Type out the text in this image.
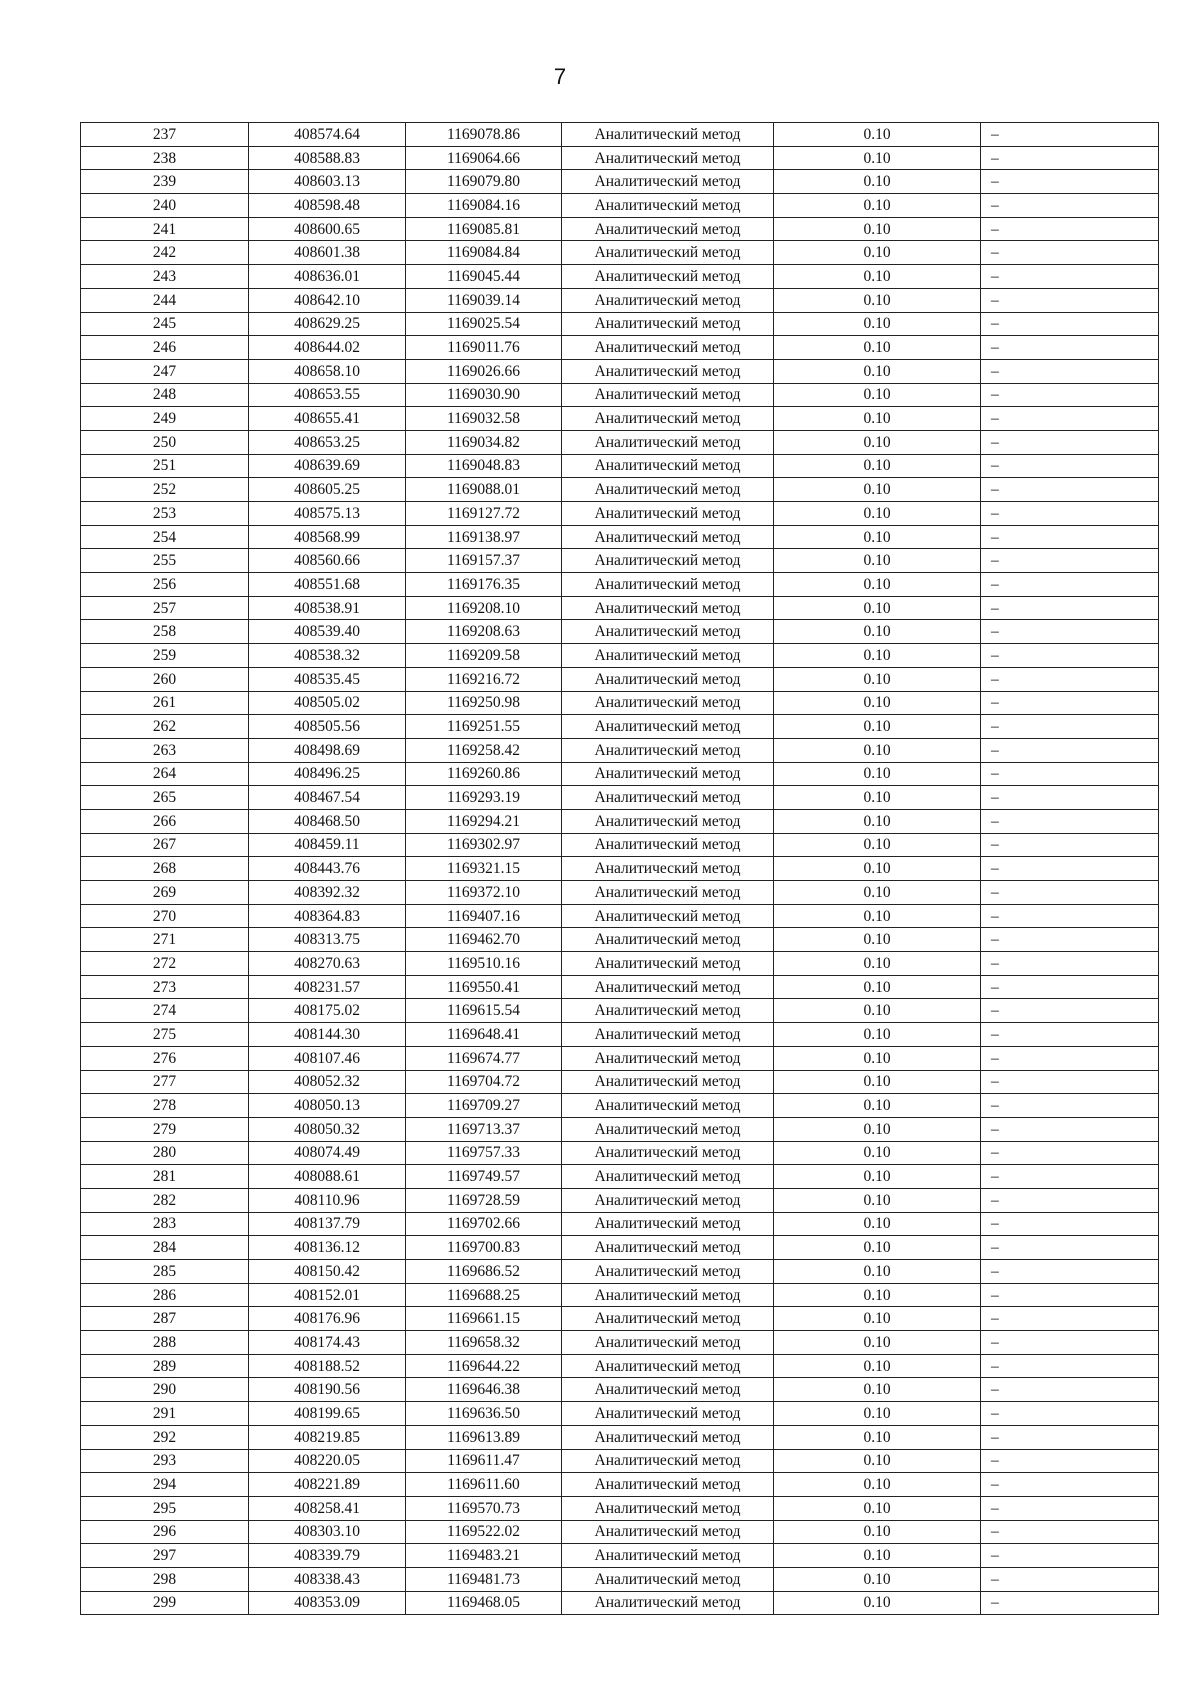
7
237	408574.64	1169078.86	Аналитический метод	0.10	–
238	408588.83	1169064.66	Аналитический метод	0.10	–
239	408603.13	1169079.80	Аналитический метод	0.10	–
240	408598.48	1169084.16	Аналитический метод	0.10	–
241	408600.65	1169085.81	Аналитический метод	0.10	–
242	408601.38	1169084.84	Аналитический метод	0.10	–
243	408636.01	1169045.44	Аналитический метод	0.10	–
244	408642.10	1169039.14	Аналитический метод	0.10	–
245	408629.25	1169025.54	Аналитический метод	0.10	–
246	408644.02	1169011.76	Аналитический метод	0.10	–
247	408658.10	1169026.66	Аналитический метод	0.10	–
248	408653.55	1169030.90	Аналитический метод	0.10	–
249	408655.41	1169032.58	Аналитический метод	0.10	–
250	408653.25	1169034.82	Аналитический метод	0.10	–
251	408639.69	1169048.83	Аналитический метод	0.10	–
252	408605.25	1169088.01	Аналитический метод	0.10	–
253	408575.13	1169127.72	Аналитический метод	0.10	–
254	408568.99	1169138.97	Аналитический метод	0.10	–
255	408560.66	1169157.37	Аналитический метод	0.10	–
256	408551.68	1169176.35	Аналитический метод	0.10	–
257	408538.91	1169208.10	Аналитический метод	0.10	–
258	408539.40	1169208.63	Аналитический метод	0.10	–
259	408538.32	1169209.58	Аналитический метод	0.10	–
260	408535.45	1169216.72	Аналитический метод	0.10	–
261	408505.02	1169250.98	Аналитический метод	0.10	–
262	408505.56	1169251.55	Аналитический метод	0.10	–
263	408498.69	1169258.42	Аналитический метод	0.10	–
264	408496.25	1169260.86	Аналитический метод	0.10	–
265	408467.54	1169293.19	Аналитический метод	0.10	–
266	408468.50	1169294.21	Аналитический метод	0.10	–
267	408459.11	1169302.97	Аналитический метод	0.10	–
268	408443.76	1169321.15	Аналитический метод	0.10	–
269	408392.32	1169372.10	Аналитический метод	0.10	–
270	408364.83	1169407.16	Аналитический метод	0.10	–
271	408313.75	1169462.70	Аналитический метод	0.10	–
272	408270.63	1169510.16	Аналитический метод	0.10	–
273	408231.57	1169550.41	Аналитический метод	0.10	–
274	408175.02	1169615.54	Аналитический метод	0.10	–
275	408144.30	1169648.41	Аналитический метод	0.10	–
276	408107.46	1169674.77	Аналитический метод	0.10	–
277	408052.32	1169704.72	Аналитический метод	0.10	–
278	408050.13	1169709.27	Аналитический метод	0.10	–
279	408050.32	1169713.37	Аналитический метод	0.10	–
280	408074.49	1169757.33	Аналитический метод	0.10	–
281	408088.61	1169749.57	Аналитический метод	0.10	–
282	408110.96	1169728.59	Аналитический метод	0.10	–
283	408137.79	1169702.66	Аналитический метод	0.10	–
284	408136.12	1169700.83	Аналитический метод	0.10	–
285	408150.42	1169686.52	Аналитический метод	0.10	–
286	408152.01	1169688.25	Аналитический метод	0.10	–
287	408176.96	1169661.15	Аналитический метод	0.10	–
288	408174.43	1169658.32	Аналитический метод	0.10	–
289	408188.52	1169644.22	Аналитический метод	0.10	–
290	408190.56	1169646.38	Аналитический метод	0.10	–
291	408199.65	1169636.50	Аналитический метод	0.10	–
292	408219.85	1169613.89	Аналитический метод	0.10	–
293	408220.05	1169611.47	Аналитический метод	0.10	–
294	408221.89	1169611.60	Аналитический метод	0.10	–
295	408258.41	1169570.73	Аналитический метод	0.10	–
296	408303.10	1169522.02	Аналитический метод	0.10	–
297	408339.79	1169483.21	Аналитический метод	0.10	–
298	408338.43	1169481.73	Аналитический метод	0.10	–
299	408353.09	1169468.05	Аналитический метод	0.10	–
